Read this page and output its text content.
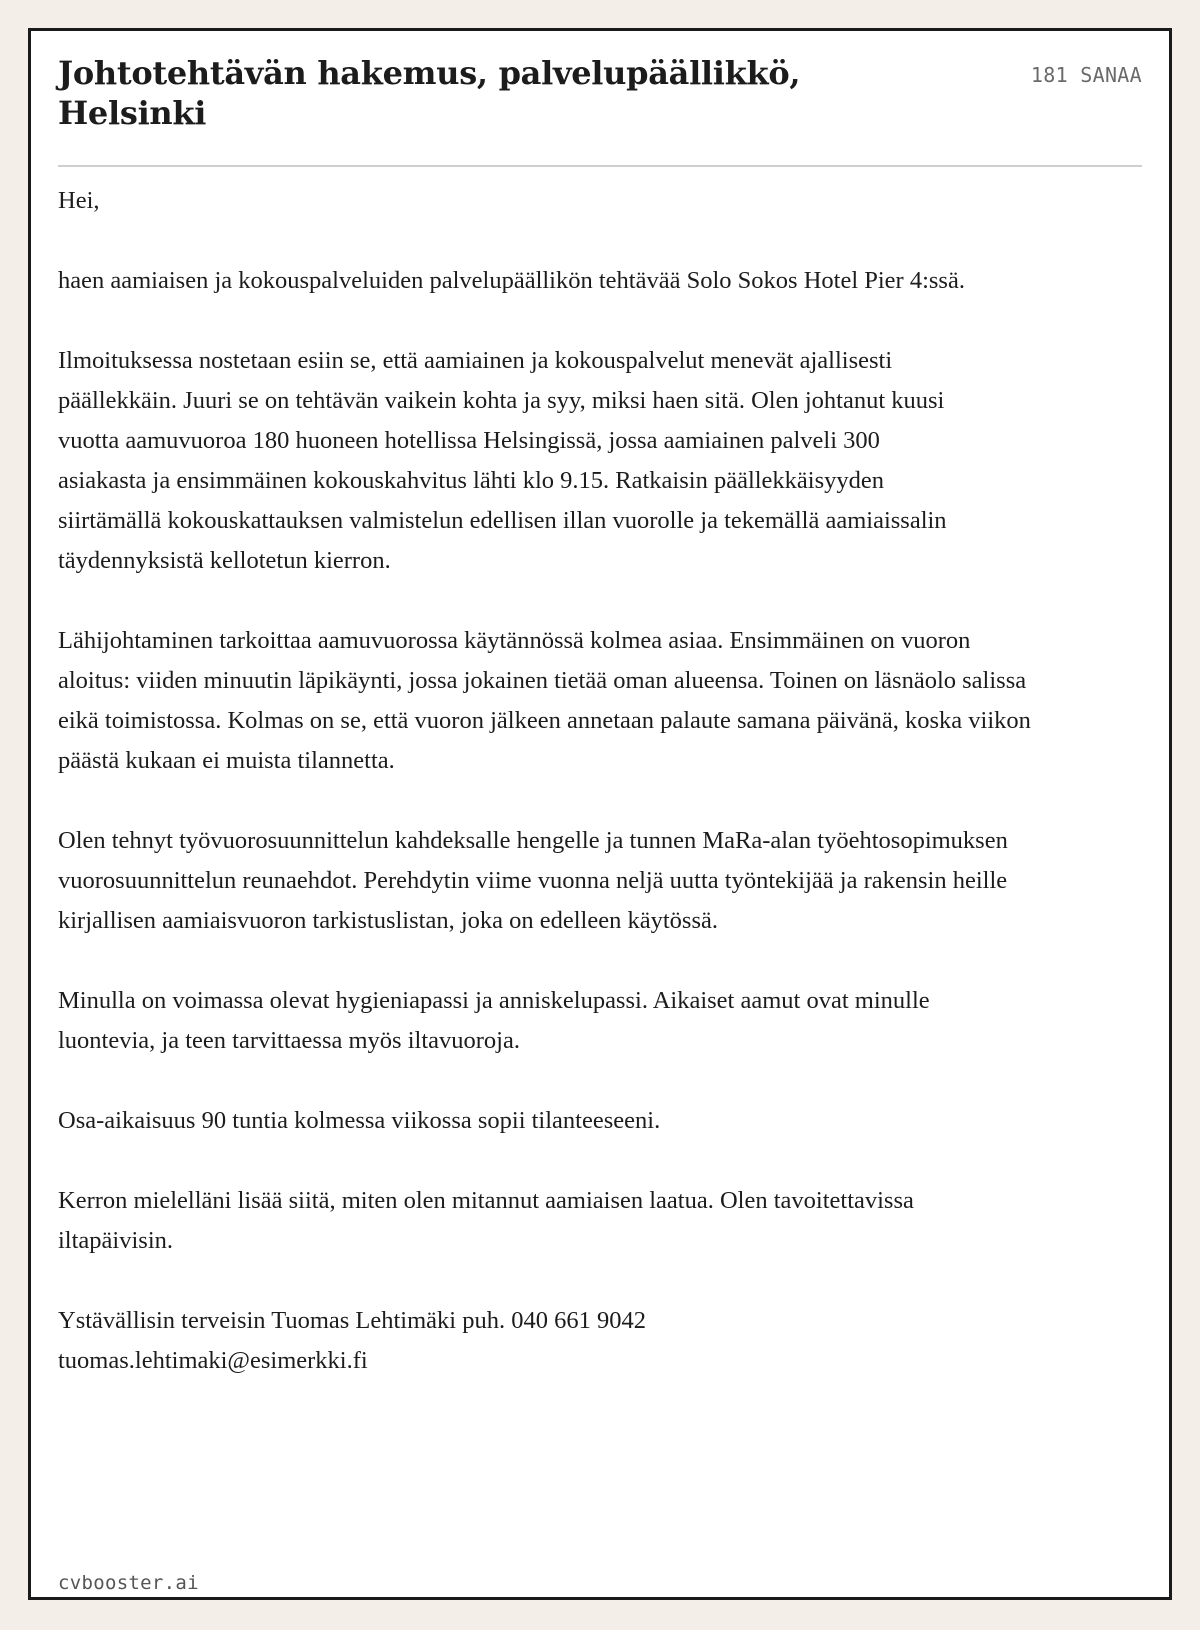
Johtotehtävän hakemus, palvelupäällikkö, Helsinki
181 SANAA

Hei,

haen aamiaisen ja kokouspalveluiden palvelupäällikön tehtävää Solo Sokos Hotel Pier 4:ssä.

Ilmoituksessa nostetaan esiin se, että aamiainen ja kokouspalvelut menevät ajallisesti päällekkäin. Juuri se on tehtävän vaikein kohta ja syy, miksi haen sitä. Olen johtanut kuusi vuotta aamuvuoroa 180 huoneen hotellissa Helsingissä, jossa aamiainen palveli 300 asiakasta ja ensimmäinen kokouskahvitus lähti klo 9.15. Ratkaisin päällekkäisyyden siirtämällä kokouskattauksen valmistelun edellisen illan vuorolle ja tekemällä aamiaissalin täydennyksistä kellotetun kierron.

Lähijohtaminen tarkoittaa aamuvuorossa käytännössä kolmea asiaa. Ensimmäinen on vuoron aloitus: viiden minuutin läpikäynti, jossa jokainen tietää oman alueensa. Toinen on läsnäolo salissa eikä toimistossa. Kolmas on se, että vuoron jälkeen annetaan palaute samana päivänä, koska viikon päästä kukaan ei muista tilannetta.

Olen tehnyt työvuorosuunnittelun kahdeksalle hengelle ja tunnen MaRa-alan työehtosopimuksen vuorosuunnittelun reunaehdot. Perehdytin viime vuonna neljä uutta työntekijää ja rakensin heille kirjallisen aamiaisvuoron tarkistuslistan, joka on edelleen käytössä.

Minulla on voimassa olevat hygieniapassi ja anniskelupassi. Aikaiset aamut ovat minulle luontevia, ja teen tarvittaessa myös iltavuoroja.

Osa-aikaisuus 90 tuntia kolmessa viikossa sopii tilanteeseeni.

Kerron mielelläni lisää siitä, miten olen mitannut aamiaisen laatua. Olen tavoitettavissa iltapäivisin.

Ystävällisin terveisin Tuomas Lehtimäki puh. 040 661 9042
tuomas.lehtimaki@esimerkki.fi

cvbooster.ai
